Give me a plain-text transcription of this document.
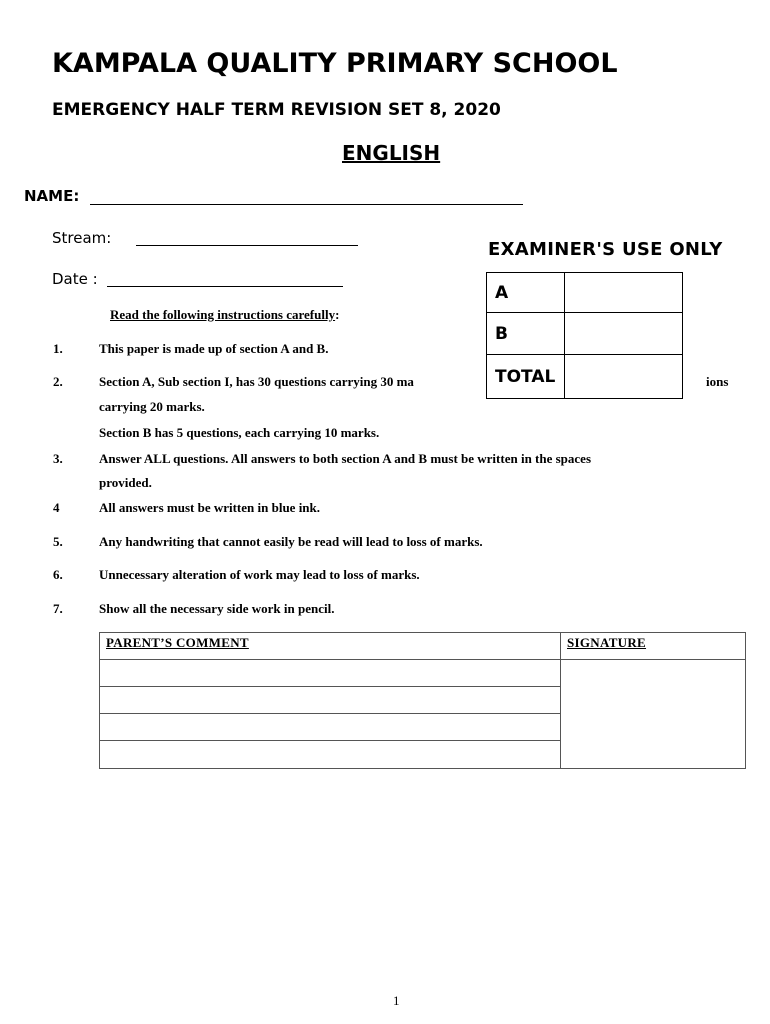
KAMPALA QUALITY PRIMARY SCHOOL
EMERGENCY HALF TERM REVISION SET 8, 2020
ENGLISH
NAME:
Stream:
Date :
Read the following instructions carefully:
1.	This paper is made up of section A and B.
2.	Section A, Sub section I, has 30 questions carrying 30 ma	ions
carrying 20 marks.
Section B has 5 questions, each carrying 10 marks.
3.	Answer ALL questions. All answers to both section A and B must be written in the spaces
provided.
4	All answers must be written in blue ink.
5.	Any handwriting that cannot easily be read will lead to loss of marks.
6.	Unnecessary alteration of work may lead to loss of marks.
7.	Show all the necessary side work in pencil.
EXAMINER'S USE ONLY
A	
B	
TOTAL	
PARENT’S COMMENT	SIGNATURE

1
